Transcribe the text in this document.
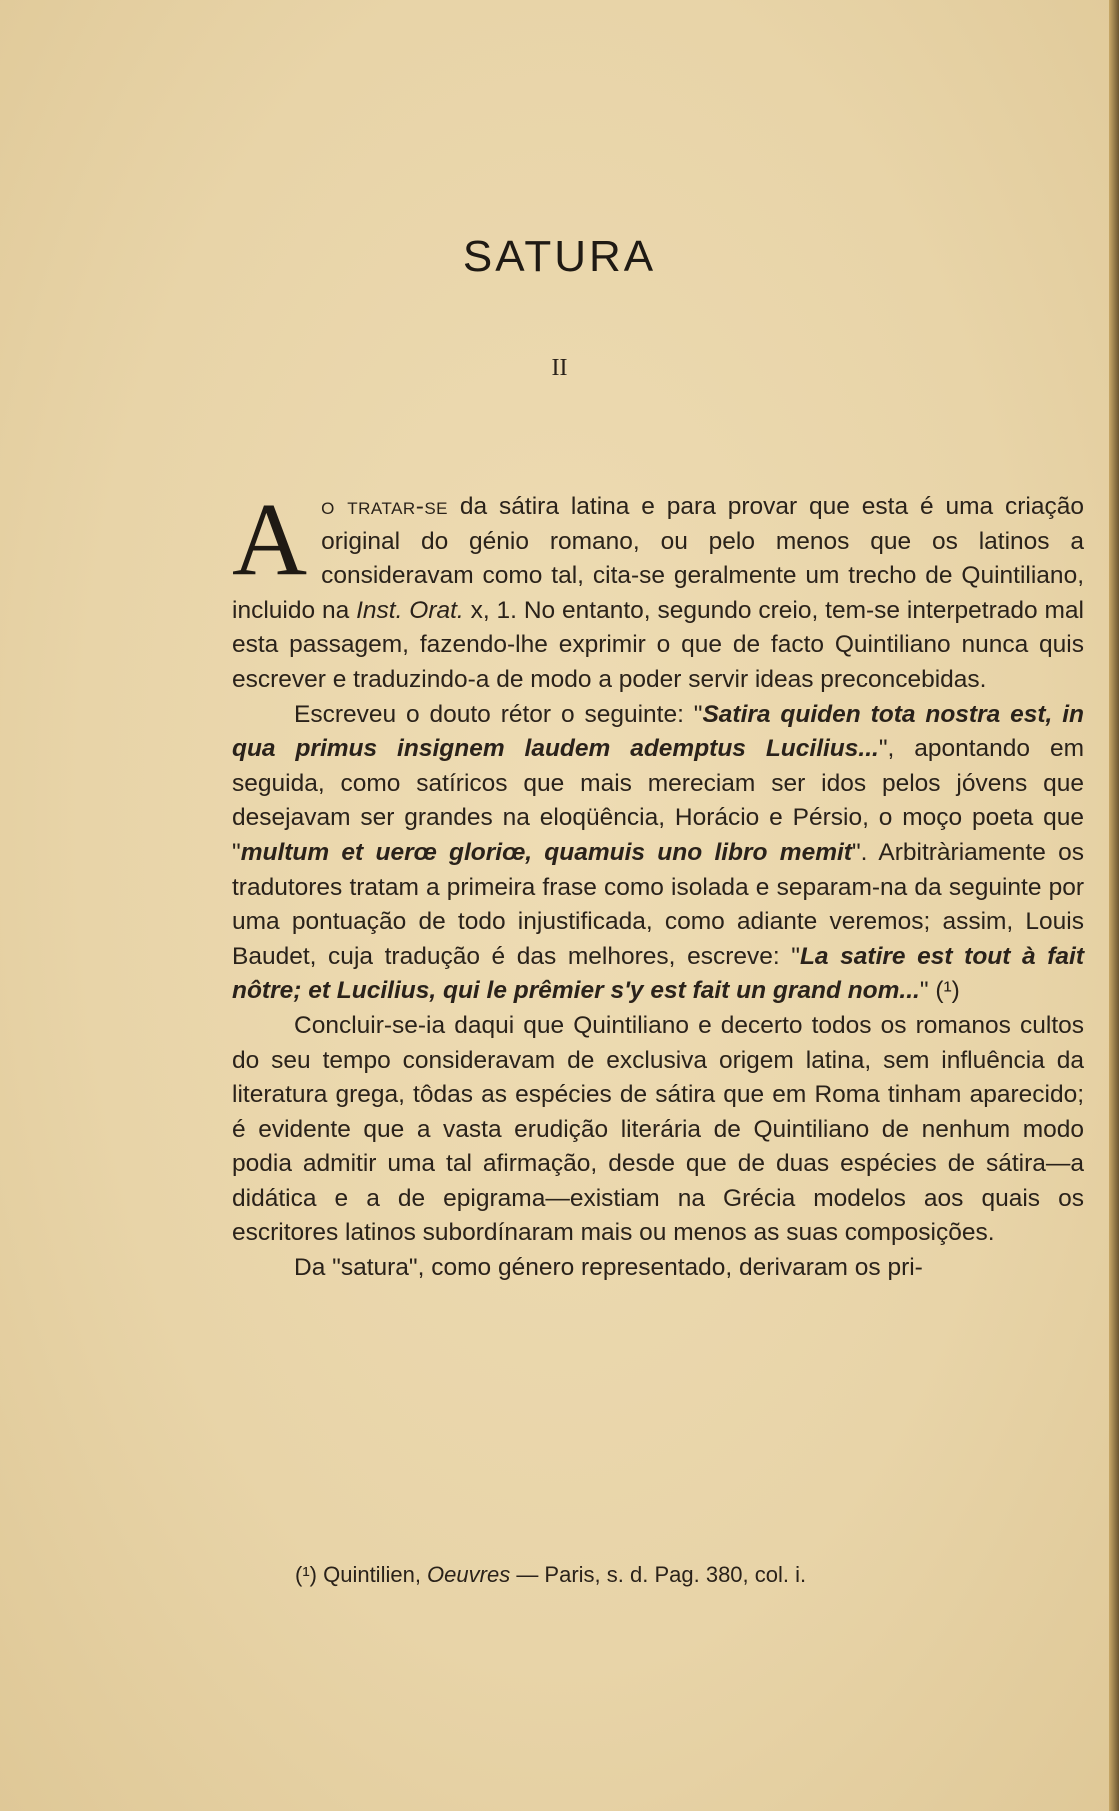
SATURA
II

Ao tratar-se da sátira latina e para provar que esta é uma criação original do génio romano, ou pelo menos que os latinos a consideravam como tal, cita-se geralmente um trecho de Quintiliano, incluido na Inst. Orat. x, 1. No entanto, segundo creio, tem-se interpetrado mal esta passagem, fazendo-lhe exprimir o que de facto Quintiliano nunca quis escrever e traduzindo-a de modo a poder servir ideas preconcebidas.

Escreveu o douto rétor o seguinte: "Satira quiden tota nostra est, in qua primus insignem laudem ademptus Lucilius...", apontando em seguida, como satíricos que mais mereciam ser idos pelos jóvens que desejavam ser grandes na eloqüência, Horácio e Pérsio, o moço poeta que "multum et uerœ gloriœ, quamuis uno libro memit". Arbitràriamente os tradutores tratam a primeira frase como isolada e separam-na da seguinte por uma pontuação de todo injustificada, como adiante veremos; assim, Louis Baudet, cuja tradução é das melhores, escreve: "La satire est tout à fait nôtre; et Lucilius, qui le prêmier s'y est fait un grand nom..." (¹)

Concluir-se-ia daqui que Quintiliano e decerto todos os romanos cultos do seu tempo consideravam de exclusiva origem latina, sem influência da literatura grega, tôdas as espécies de sátira que em Roma tinham aparecido; é evidente que a vasta erudição literária de Quintiliano de nenhum modo podia admitir uma tal afirmação, desde que de duas espécies de sátira—a didática e a de epigrama—existiam na Grécia modelos aos quais os escritores latinos subordínaram mais ou menos as suas composições.

Da "satura", como género representado, derivaram os pri-

(¹) Quintilien, Oeuvres — Paris, s. d. Pag. 380, col. i.
